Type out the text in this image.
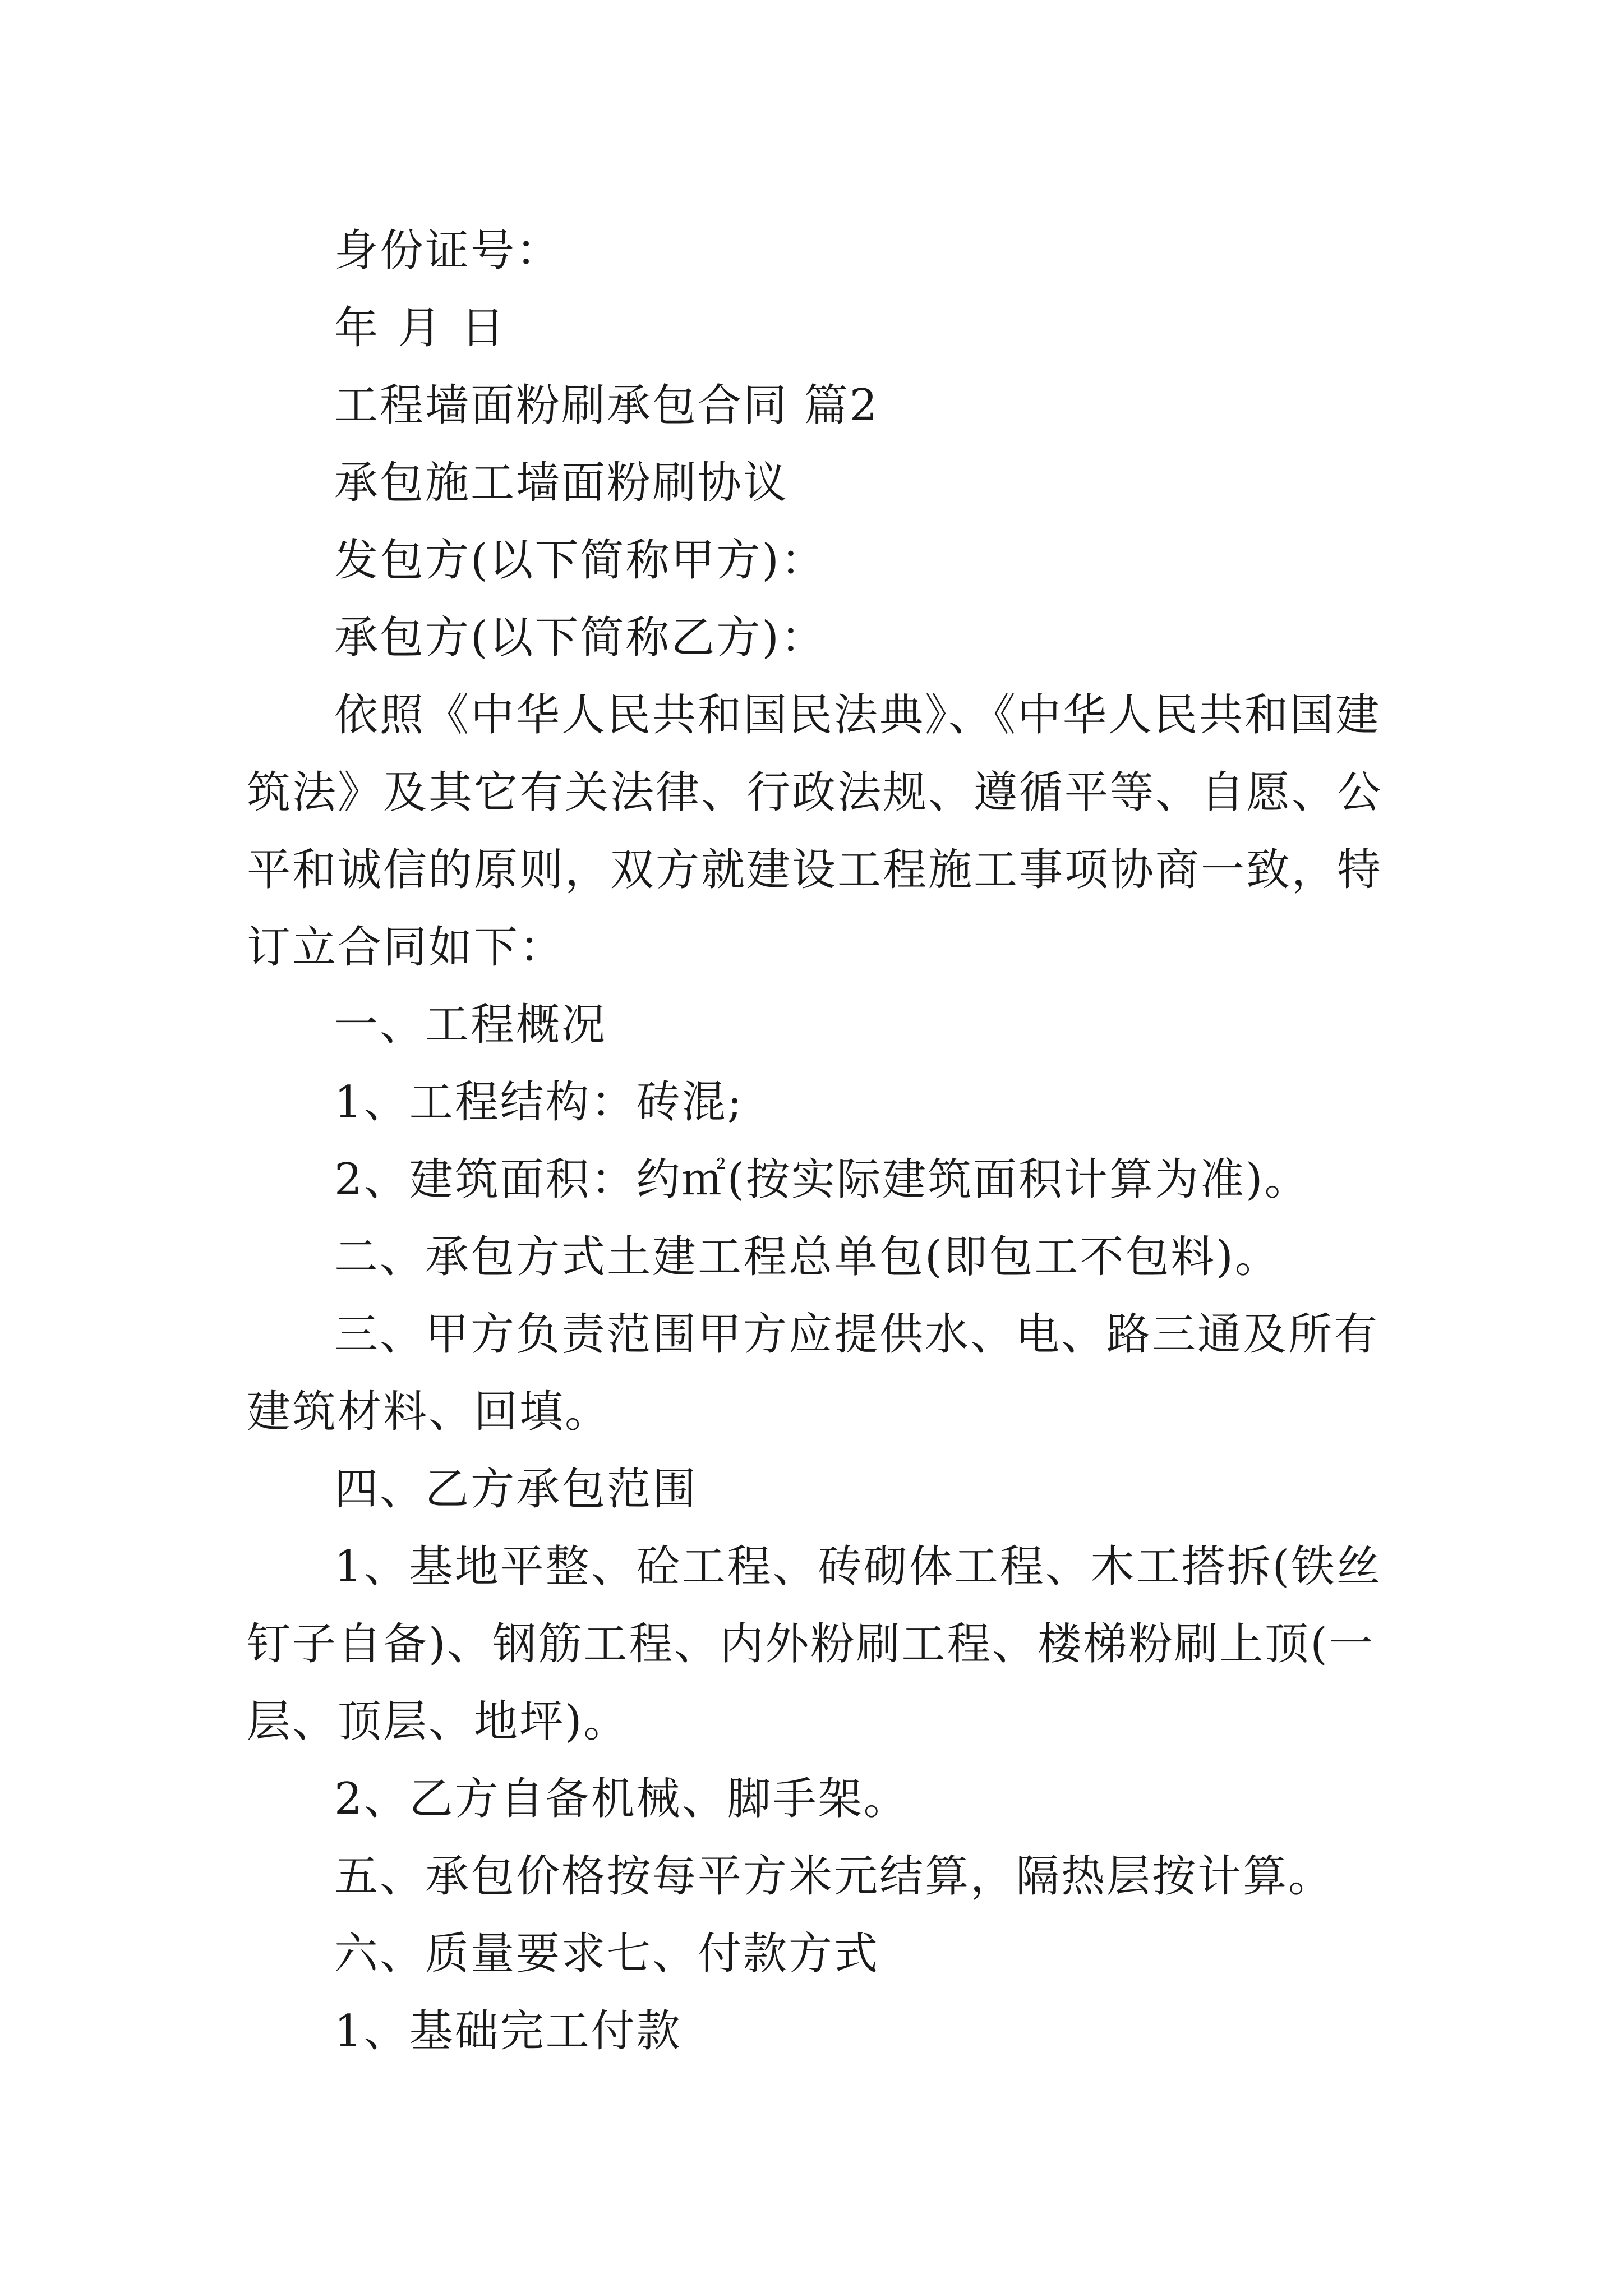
身份证号：

年 月 日

工程墙面粉刷承包合同 篇2

承包施工墙面粉刷协议

发包方(以下简称甲方)：

承包方(以下简称乙方)：

依照《中华人民共和国民法典》、《中华人民共和国建筑法》及其它有关法律、行政法规、遵循平等、自愿、公平和诚信的原则，双方就建设工程施工事项协商一致，特订立合同如下：

一、工程概况

1、工程结构：砖混;

2、建筑面积：约㎡(按实际建筑面积计算为准)。

二、承包方式土建工程总单包(即包工不包料)。

三、甲方负责范围甲方应提供水、电、路三通及所有建筑材料、回填。

四、乙方承包范围

1、基地平整、砼工程、砖砌体工程、木工搭拆(铁丝钉子自备)、钢筋工程、内外粉刷工程、楼梯粉刷上顶(一层、顶层、地坪)。

2、乙方自备机械、脚手架。

五、承包价格按每平方米元结算，隔热层按计算。

六、质量要求七、付款方式

1、基础完工付款
